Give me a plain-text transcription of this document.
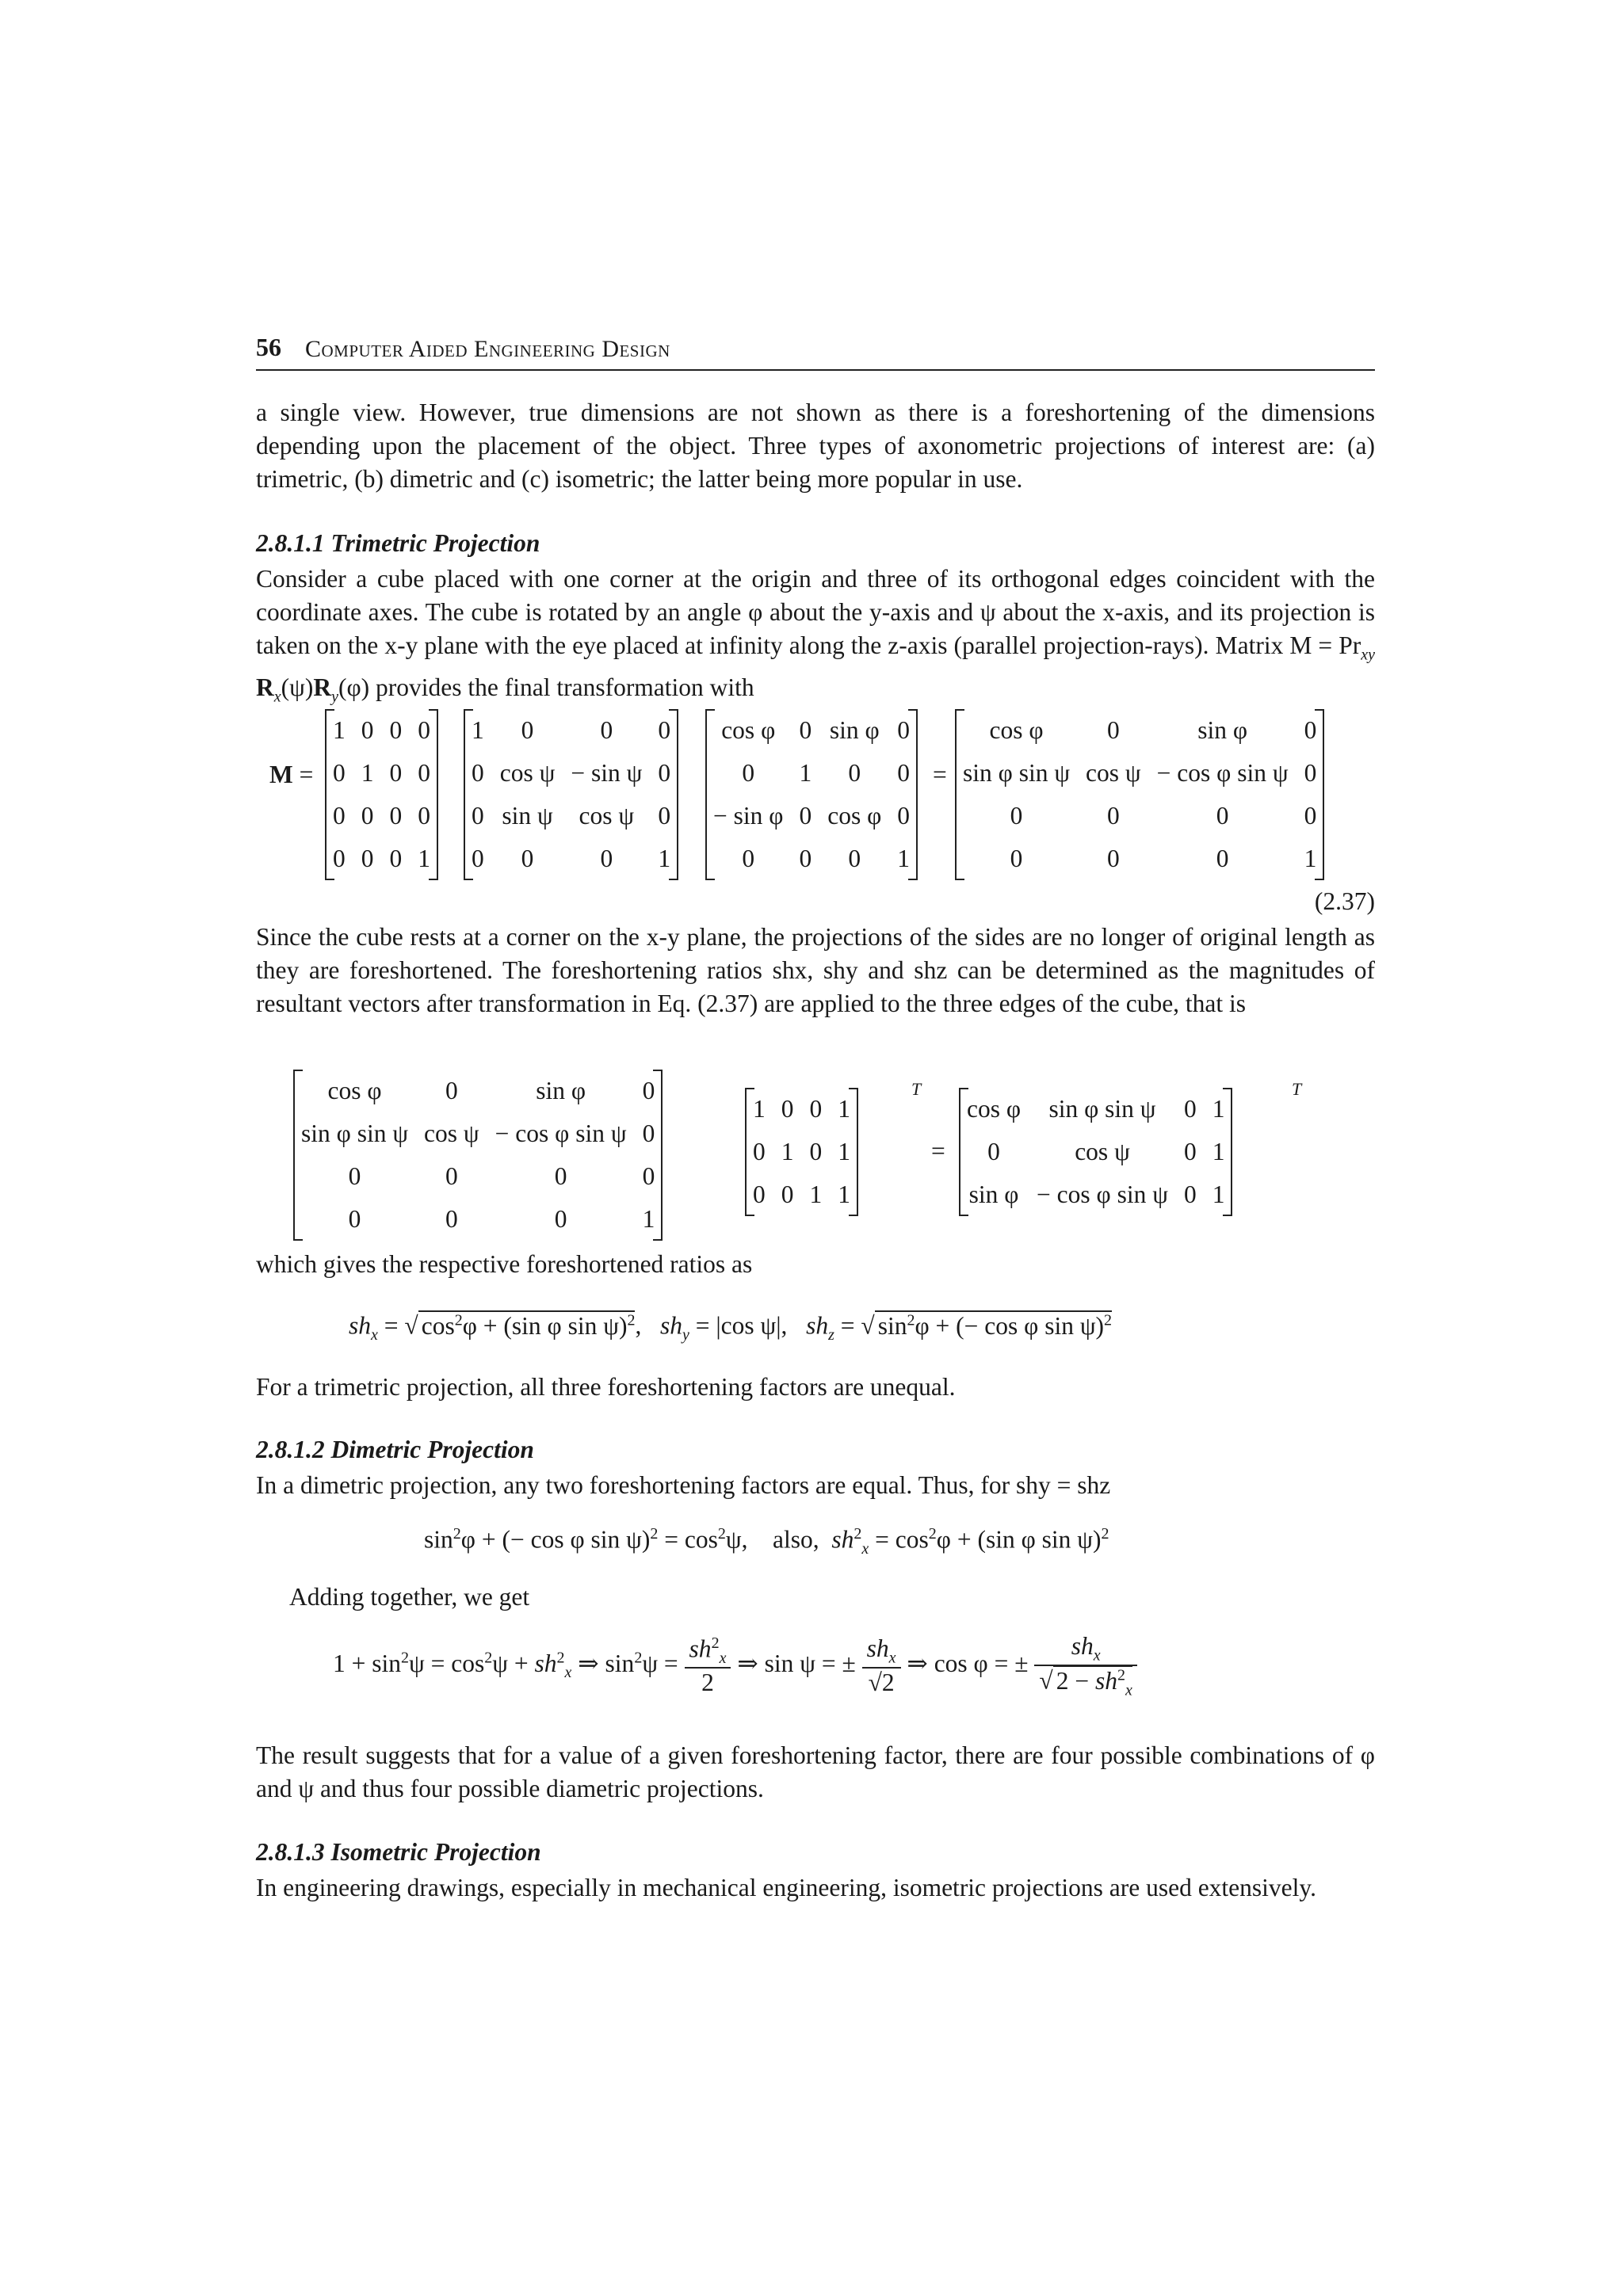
56 Computer Aided Engineering Design
a single view. However, true dimensions are not shown as there is a foreshortening of the dimensions depending upon the placement of the object. Three types of axonometric projections of interest are: (a) trimetric, (b) dimetric and (c) isometric; the latter being more popular in use.
2.8.1.1 Trimetric Projection
Consider a cube placed with one corner at the origin and three of its orthogonal edges coincident with the coordinate axes. The cube is rotated by an angle φ about the y-axis and ψ about the x-axis, and its projection is taken on the x-y plane with the eye placed at infinity along the z-axis (parallel projection-rays). Matrix $M = Pr_{xy}$ $R_x(\psi)R_y(\varphi)$ provides the final transformation with
M =
1	0	0	0
0	1	0	0
0	0	0	0
0	0	0	1
1	0	0	0
0	cos ψ	− sin ψ	0
0	sin ψ	cos ψ	0
0	0	0	1
cos φ	0	sin φ	0
0	1	0	0
− sin φ	0	cos φ	0
0	0	0	1
=
cos φ	0	sin φ	0
sin φ sin ψ	cos ψ	− cos φ sin ψ	0
0	0	0	0
0	0	0	1
(2.37)
Since the cube rests at a corner on the x-y plane, the projections of the sides are no longer of original length as they are foreshortened. The foreshortening ratios shx, shy and shz can be determined as the magnitudes of resultant vectors after transformation in Eq. (2.37) are applied to the three edges of the cube, that is
cos φ	0	sin φ	0
sin φ sin ψ	cos ψ	− cos φ sin ψ	0
0	0	0	0
0	0	0	1
1	0	0	1
0	1	0	1
0	0	1	1
T
=
cos φ	sin φ sin ψ	0	1
0	cos ψ	0	1
sin φ	− cos φ sin ψ	0	1
T
which gives the respective foreshortened ratios as
$sh_x$ = √ $\cos^2\varphi + (\sin$ φ sin ψ)$^2$,   $sh_y = |\cos$ ψ|,   $sh_z$ = √ $\sin^2\varphi$ + (− cos φ sin ψ)$^2$
For a trimetric projection, all three foreshortening factors are unequal.
2.8.1.2 Dimetric Projection
In a dimetric projection, any two foreshortening factors are equal. Thus, for shy = shz
$\sin^2\varphi$ + (− cos φ $\sin \psi)^2 = \cos^2\psi$,    also,  $sh^2_x = \cos^2\varphi + (\sin$ φ sin ψ)$^2$
Adding together, we get
$1 + \sin^2\psi = \cos^2\psi + sh^2_x$ ⇒ $\sin^2\psi = \frac{sh^2_x}{2}$ ⇒ sin ψ = ± $\frac{sh_x}{√2}$ ⇒ cos φ = ± $\frac{sh_x}{√ 2 - sh^2_x}$
The result suggests that for a value of a given foreshortening factor, there are four possible combinations of φ and ψ and thus four possible diametric projections.
2.8.1.3 Isometric Projection
In engineering drawings, especially in mechanical engineering, isometric projections are used extensively.
